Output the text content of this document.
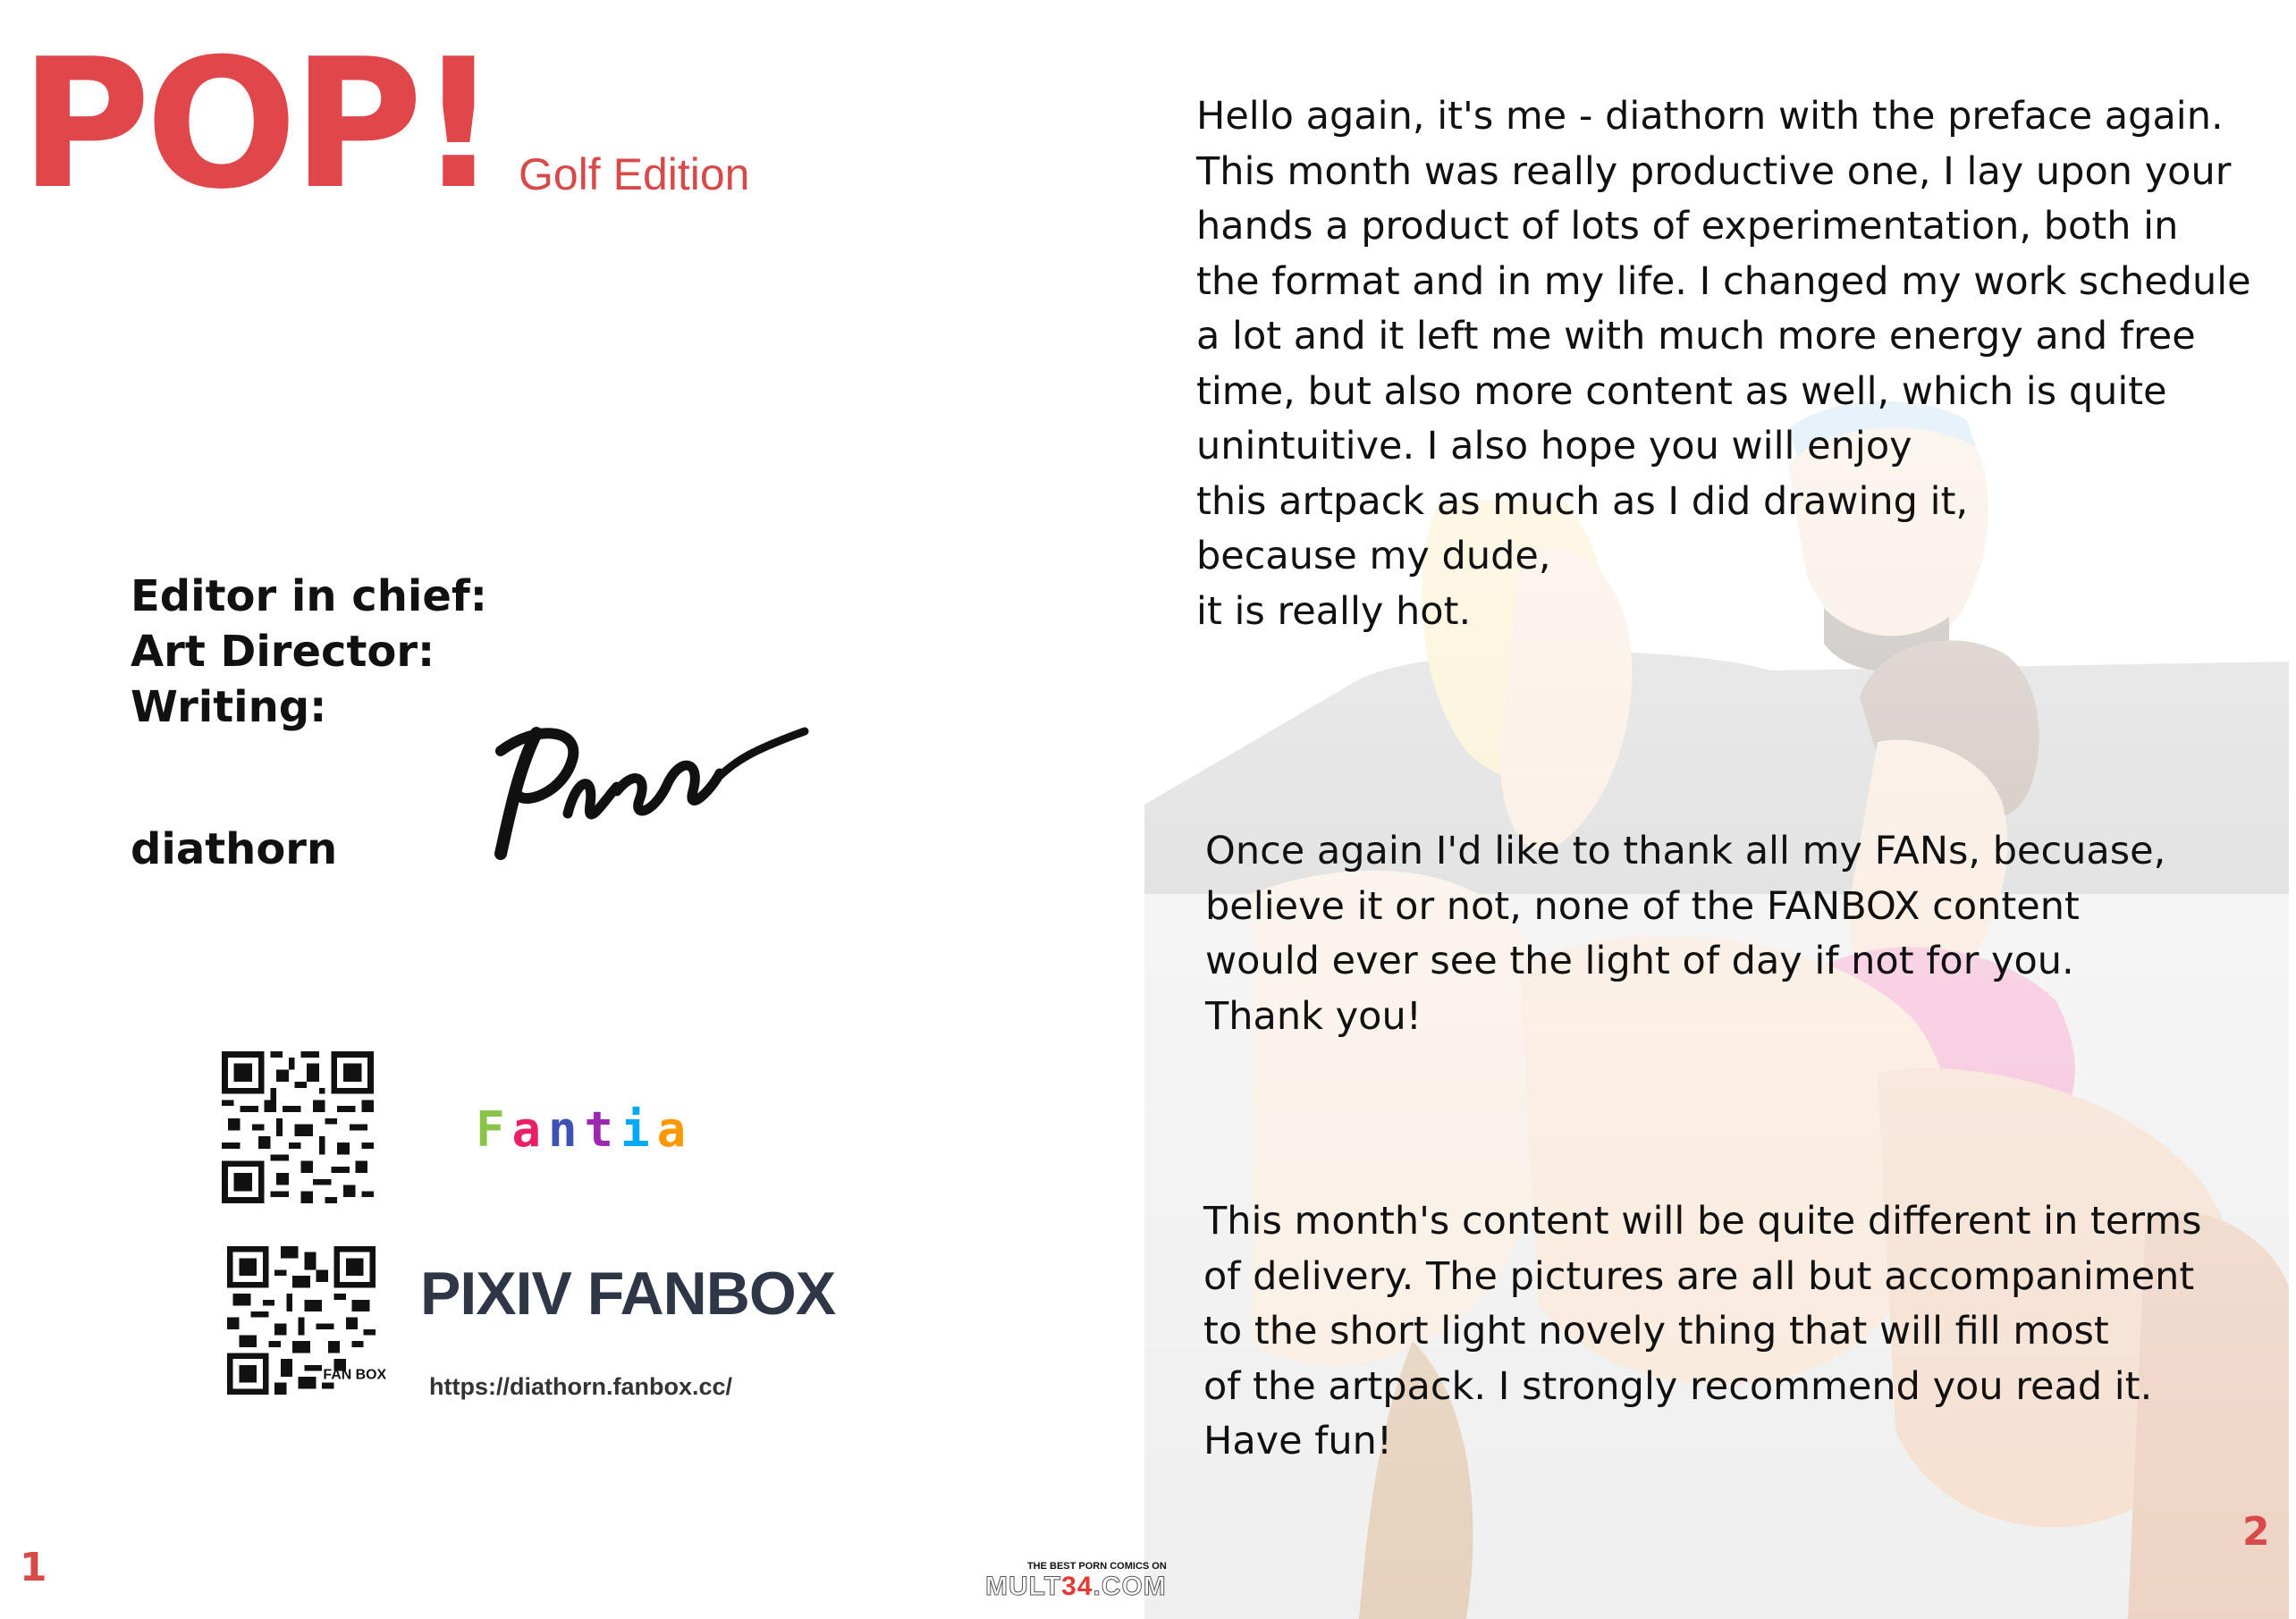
POP! Golf Edition
Editor in chief:
Art Director:
Writing:
diathorn
Fantia
FAN BOX
PIXIV FANBOX
https://diathorn.fanbox.cc/
1
Hello again, it's me - diathorn with the preface again.
This month was really productive one, I lay upon your
hands a product of lots of experimentation, both in
the format and in my life. I changed my work schedule
a lot and it left me with much more energy and free
time, but also more content as well, which is quite
unintuitive. I also hope you will enjoy
this artpack as much as I did drawing it,
because my dude,
it is really hot.
Once again I'd like to thank all my FANs, becuase,
believe it or not, none of the FANBOX content
would ever see the light of day if not for you.
Thank you!
This month's content will be quite different in terms
of delivery. The pictures are all but accompaniment
to the short light novely thing that will fill most
of the artpack. I strongly recommend you read it.
Have fun!
2
THE BEST PORN COMICS ON
MULT34.COM
